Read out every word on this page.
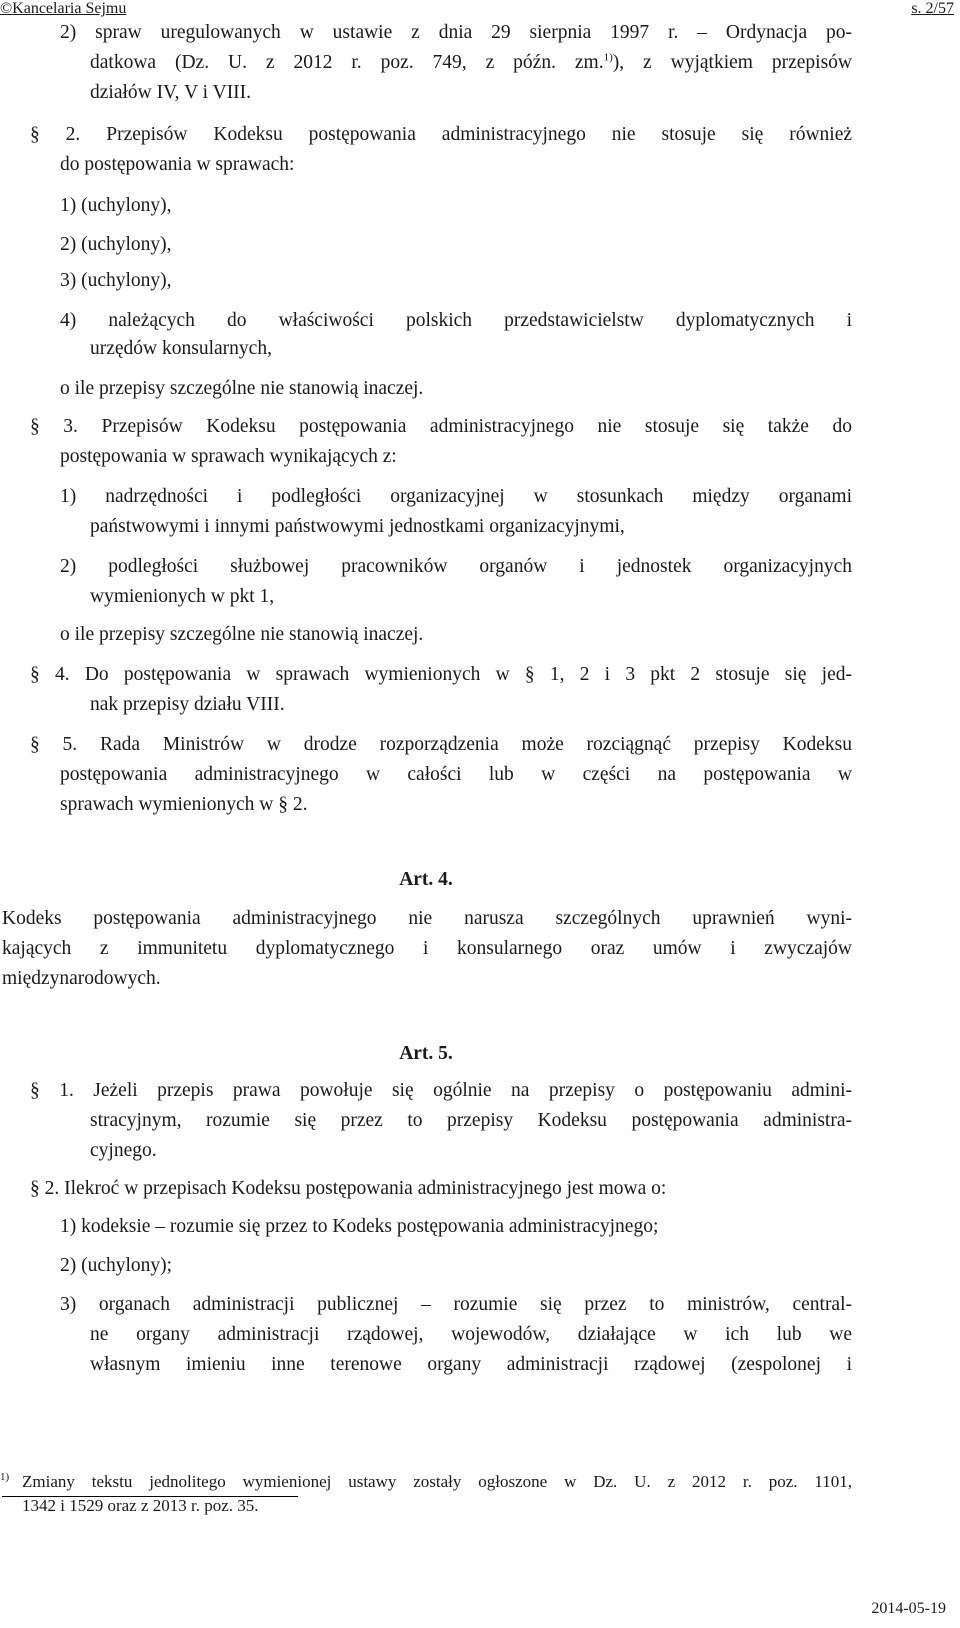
©Kancelaria Sejmu	s. 2/57
2) spraw uregulowanych w ustawie z dnia 29 sierpnia 1997 r. – Ordynacja po-
datkowa (Dz. U. z 2012 r. poz. 749, z późn. zm.$^{1)}$), z wyjątkiem przepisów
działów IV, V i VIII.
§ 2. Przepisów Kodeksu postępowania administracyjnego nie stosuje się również
do postępowania w sprawach:
1) (uchylony),
2) (uchylony),
3) (uchylony),
4) należących do właściwości polskich przedstawicielstw dyplomatycznych i
urzędów konsularnych,
o ile przepisy szczególne nie stanowią inaczej.
§ 3. Przepisów Kodeksu postępowania administracyjnego nie stosuje się także do
postępowania w sprawach wynikających z:
1) nadrzędności i podległości organizacyjnej w stosunkach między organami
państwowymi i innymi państwowymi jednostkami organizacyjnymi,
2) podległości służbowej pracowników organów i jednostek organizacyjnych
wymienionych w pkt 1,
o ile przepisy szczególne nie stanowią inaczej.
§ 4. Do postępowania w sprawach wymienionych w § 1, 2 i 3 pkt 2 stosuje się jed-
nak przepisy działu VIII.
§ 5. Rada Ministrów w drodze rozporządzenia może rozciągnąć przepisy Kodeksu
postępowania administracyjnego w całości lub w części na postępowania w
sprawach wymienionych w § 2.
Art. 4.
Kodeks postępowania administracyjnego nie narusza szczególnych uprawnień wyni-
kających z immunitetu dyplomatycznego i konsularnego oraz umów i zwyczajów
międzynarodowych.
Art. 5.
§ 1. Jeżeli przepis prawa powołuje się ogólnie na przepisy o postępowaniu admini-
stracyjnym, rozumie się przez to przepisy Kodeksu postępowania administra-
cyjnego.
§ 2. Ilekroć w przepisach Kodeksu postępowania administracyjnego jest mowa o:
1) kodeksie – rozumie się przez to Kodeks postępowania administracyjnego;
2) (uchylony);
3) organach administracji publicznej – rozumie się przez to ministrów, central-
ne organy administracji rządowej, wojewodów, działające w ich lub we
własnym imieniu inne terenowe organy administracji rządowej (zespolonej i
1) Zmiany tekstu jednolitego wymienionej ustawy zostały ogłoszone w Dz. U. z 2012 r. poz. 1101,
1342 i 1529 oraz z 2013 r. poz. 35.
2014-05-19
